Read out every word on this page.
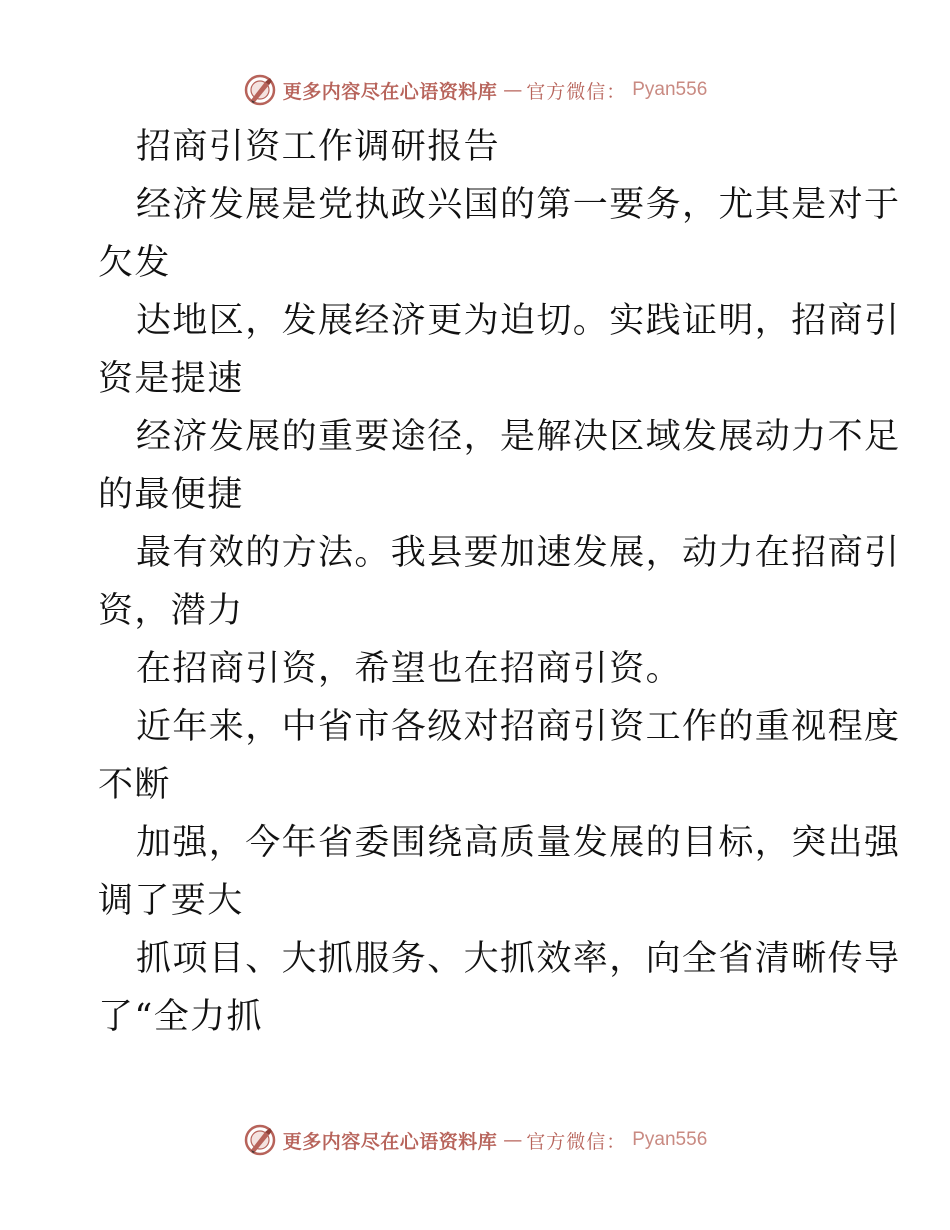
更多内容尽在心语资料库 — 官方微信： Pyan556
招商引资工作调研报告
经济发展是党执政兴国的第一要务，尤其是对于
欠发
达地区，发展经济更为迫切。实践证明，招商引
资是提速
经济发展的重要途径，是解决区域发展动力不足
的最便捷
最有效的方法。我县要加速发展，动力在招商引
资，潜力
在招商引资，希望也在招商引资。
近年来，中省市各级对招商引资工作的重视程度
不断
加强，今年省委围绕高质量发展的目标，突出强
调了要大
抓项目、大抓服务、大抓效率，向全省清晰传导
了“全力抓
更多内容尽在心语资料库 — 官方微信： Pyan556
